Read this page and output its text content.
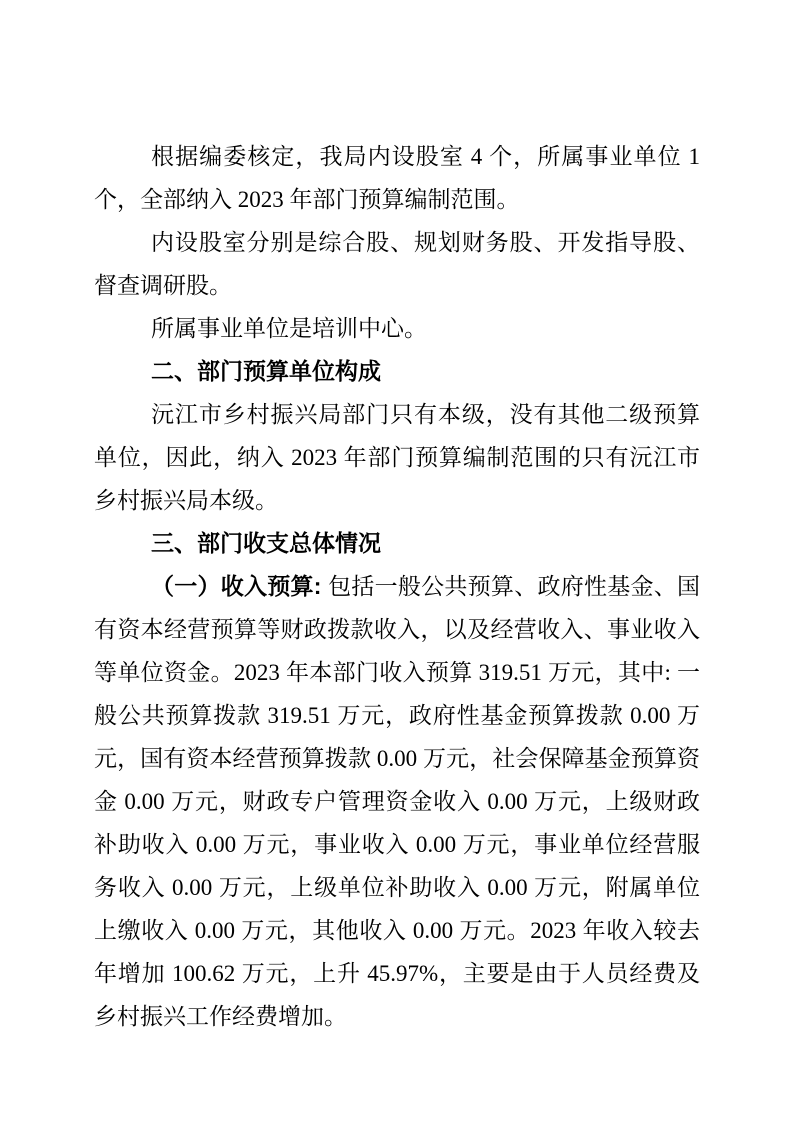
根据编委核定，我局内设股室 4 个，所属事业单位 1 个，全部纳入 2023 年部门预算编制范围。

内设股室分别是综合股、规划财务股、开发指导股、督查调研股。

所属事业单位是培训中心。

二、部门预算单位构成

沅江市乡村振兴局部门只有本级，没有其他二级预算单位，因此，纳入 2023 年部门预算编制范围的只有沅江市乡村振兴局本级。

三、部门收支总体情况

（一）收入预算: 包括一般公共预算、政府性基金、国有资本经营预算等财政拨款收入，以及经营收入、事业收入等单位资金。2023 年本部门收入预算 319.51 万元，其中: 一般公共预算拨款 319.51 万元，政府性基金预算拨款 0.00 万元，国有资本经营预算拨款 0.00 万元，社会保障基金预算资金 0.00 万元，财政专户管理资金收入 0.00 万元，上级财政补助收入 0.00 万元，事业收入 0.00 万元，事业单位经营服务收入 0.00 万元，上级单位补助收入 0.00 万元，附属单位上缴收入 0.00 万元，其他收入 0.00 万元。2023 年收入较去年增加 100.62 万元，上升 45.97%，主要是由于人员经费及乡村振兴工作经费增加。
